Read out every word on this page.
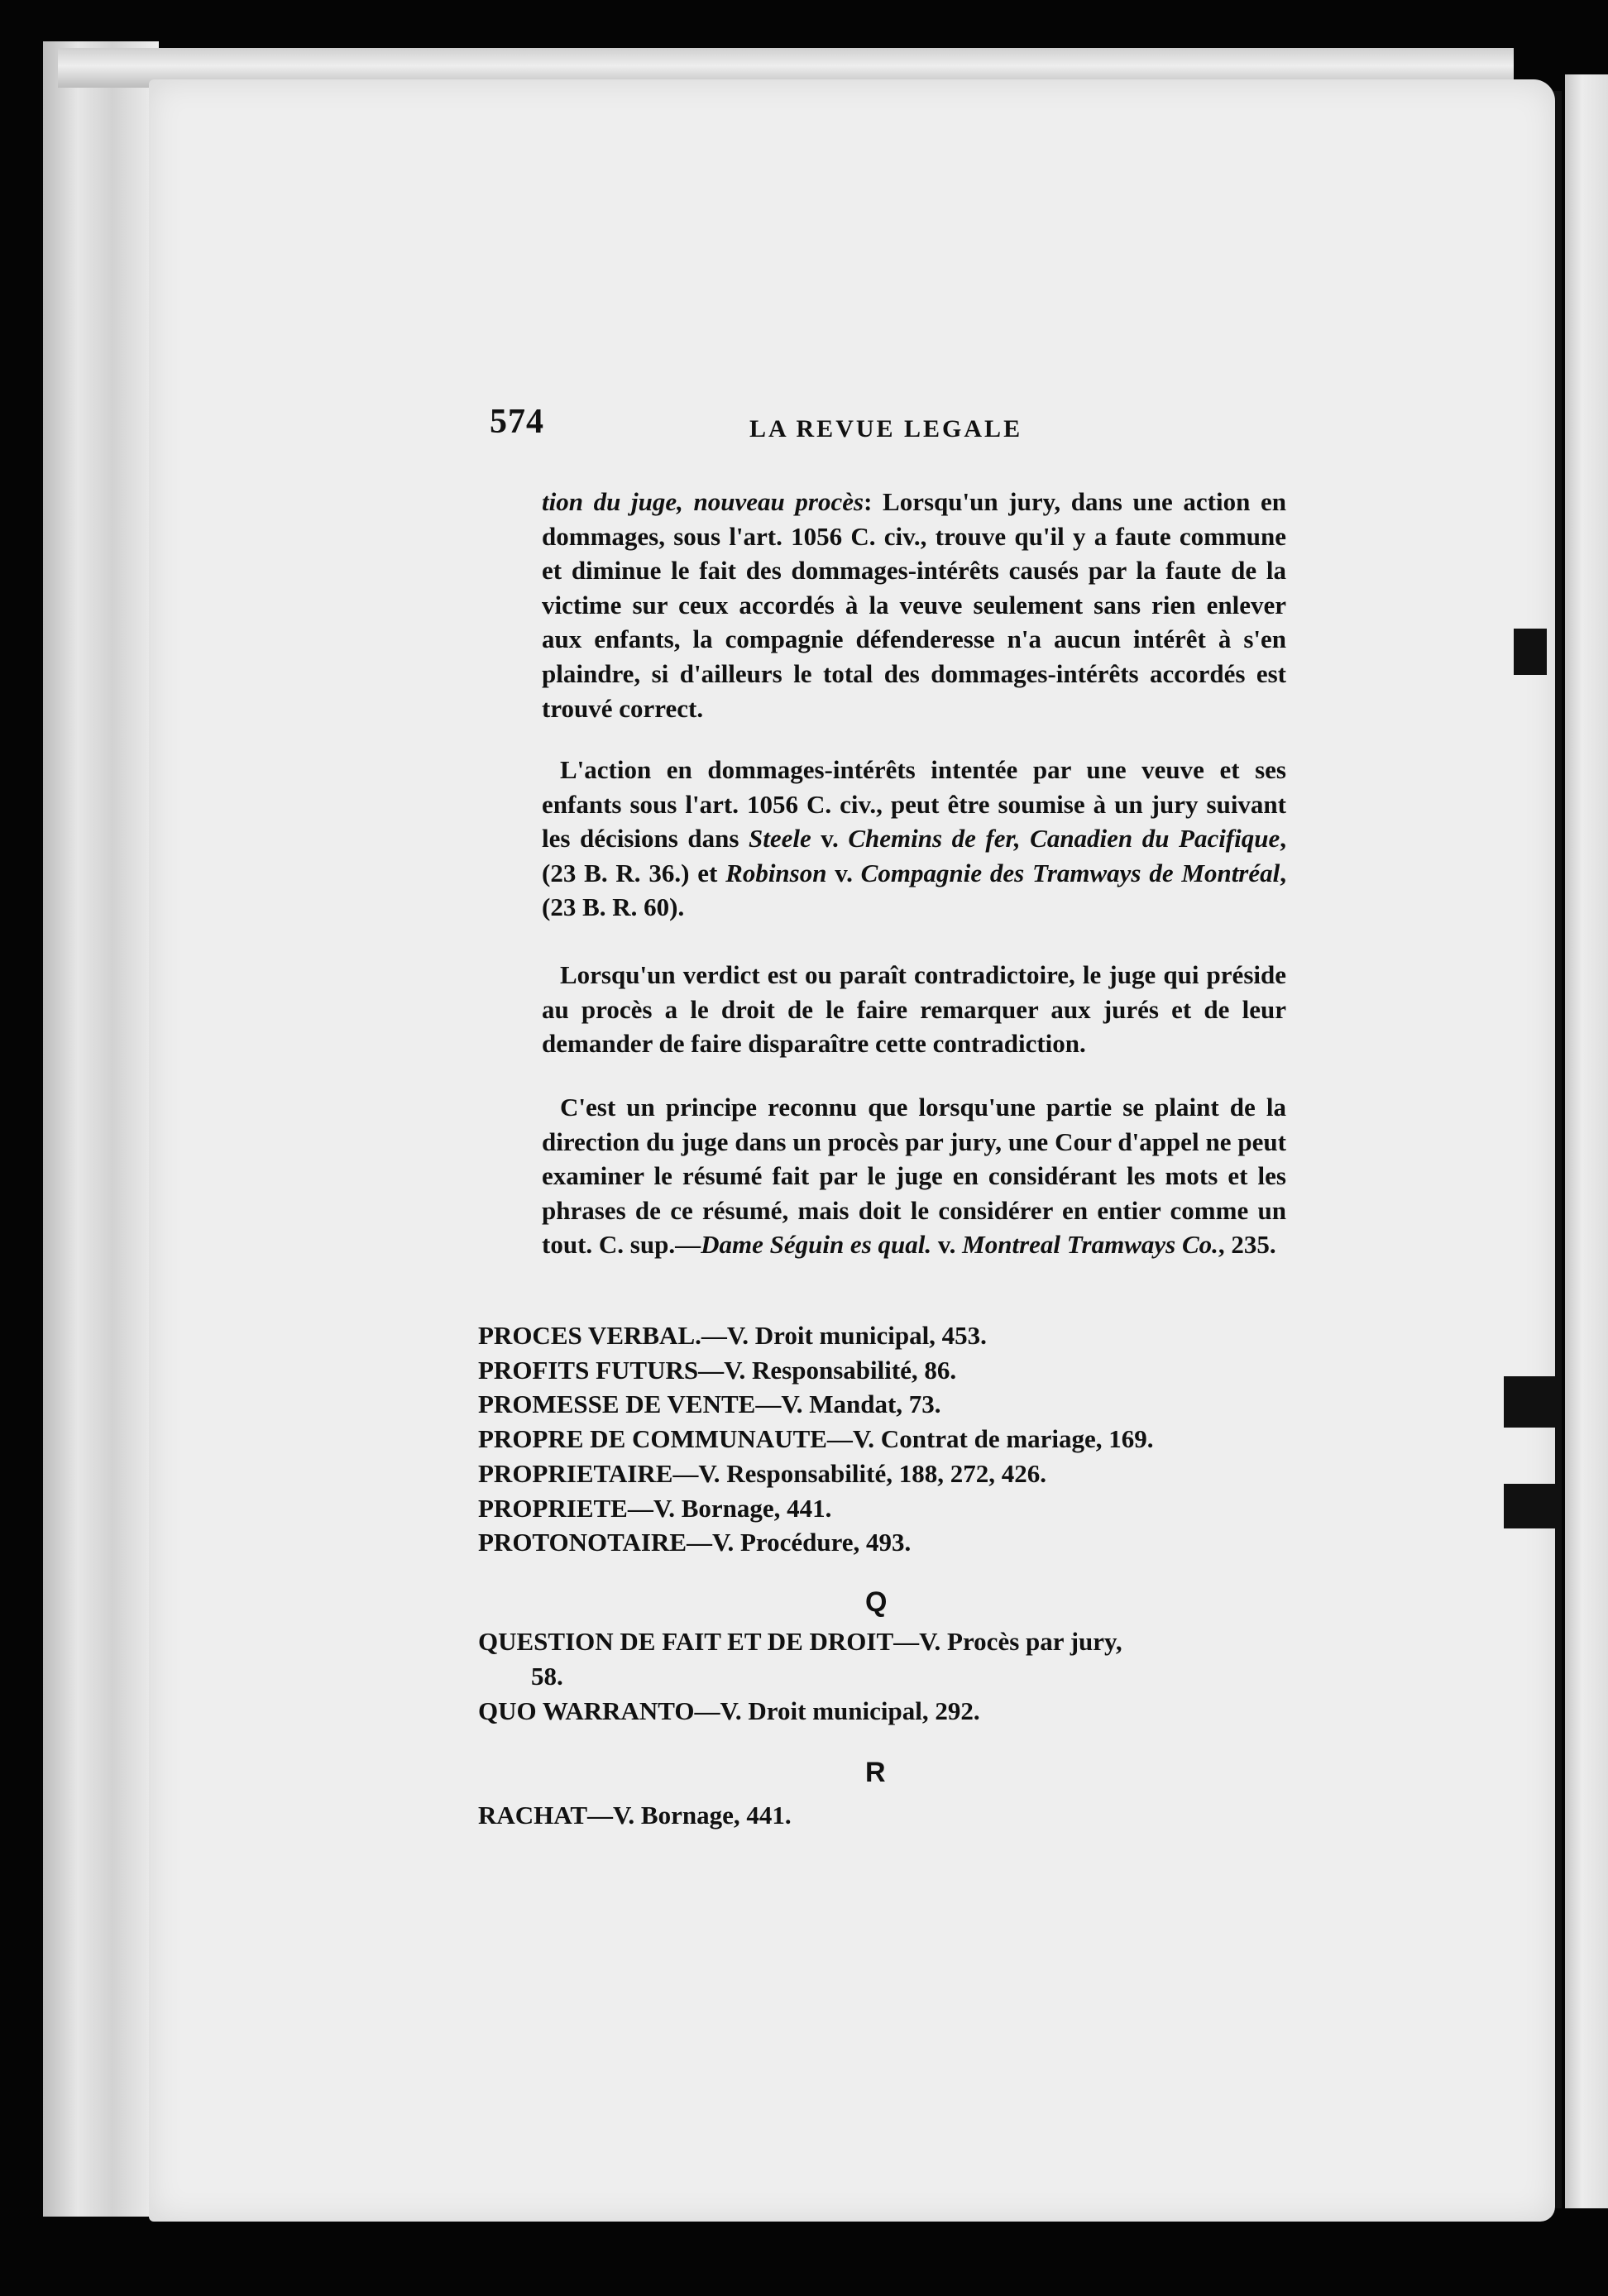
574	LA REVUE LEGALE
tion du juge, nouveau procès: Lorsqu'un jury, dans une action en dommages, sous l'art. 1056 C. civ., trouve qu'il y a faute commune et diminue le fait des dommages-intérêts causés par la faute de la victime sur ceux accordés à la veuve seulement sans rien enlever aux enfants, la compagnie défenderesse n'a aucun intérêt à s'en plaindre, si d'ailleurs le total des dommages-intérêts accordés est trouvé correct.
L'action en dommages-intérêts intentée par une veuve et ses enfants sous l'art. 1056 C. civ., peut être soumise à un jury suivant les décisions dans Steele v. Chemins de fer, Canadien du Pacifique, (23 B. R. 36.) et Robinson v. Compagnie des Tramways de Montréal, (23 B. R. 60).
Lorsqu'un verdict est ou paraît contradictoire, le juge qui préside au procès a le droit de le faire remarquer aux jurés et de leur demander de faire disparaître cette contradiction.
C'est un principe reconnu que lorsqu'une partie se plaint de la direction du juge dans un procès par jury, une Cour d'appel ne peut examiner le résumé fait par le juge en considérant les mots et les phrases de ce résumé, mais doit le considérer en entier comme un tout. C. sup.—Dame Séguin es qual. v. Montreal Tramways Co., 235.
PROCES VERBAL.—V. Droit municipal, 453.
PROFITS FUTURS—V. Responsabilité, 86.
PROMESSE DE VENTE—V. Mandat, 73.
PROPRE DE COMMUNAUTE—V. Contrat de mariage, 169.
PROPRIETAIRE—V. Responsabilité, 188, 272, 426.
PROPRIETE—V. Bornage, 441.
PROTONOTAIRE—V. Procédure, 493.
Q
QUESTION DE FAIT ET DE DROIT—V. Procès par jury,
58.
QUO WARRANTO—V. Droit municipal, 292.
R
RACHAT—V. Bornage, 441.
